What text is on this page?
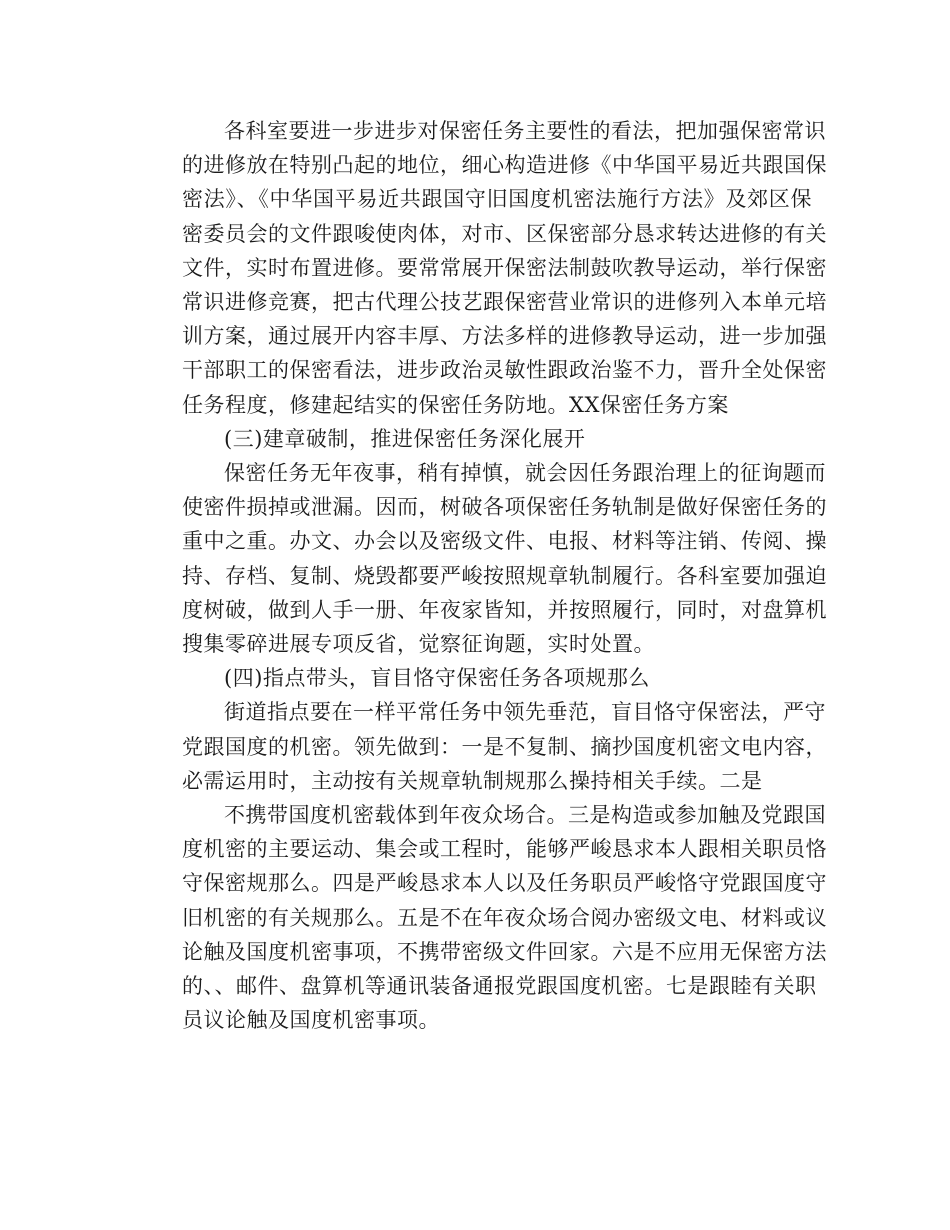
各科室要进一步进步对保密任务主要性的看法，把加强保密常识
的进修放在特别凸起的地位，细心构造进修《中华国平易近共跟国保
密法》、《中华国平易近共跟国守旧国度机密法施行方法》及郊区保
密委员会的文件跟唆使肉体，对市、区保密部分恳求转达进修的有关
文件，实时布置进修。要常常展开保密法制鼓吹教导运动，举行保密
常识进修竞赛，把古代理公技艺跟保密营业常识的进修列入本单元培
训方案，通过展开内容丰厚、方法多样的进修教导运动，进一步加强
干部职工的保密看法，进步政治灵敏性跟政治鉴不力，晋升全处保密
任务程度，修建起结实的保密任务防地。XX保密任务方案
(三)建章破制，推进保密任务深化展开
保密任务无年夜事，稍有掉慎，就会因任务跟治理上的征询题而
使密件损掉或泄漏。因而，树破各项保密任务轨制是做好保密任务的
重中之重。办文、办会以及密级文件、电报、材料等注销、传阅、操
持、存档、复制、烧毁都要严峻按照规章轨制履行。各科室要加强迫
度树破，做到人手一册、年夜家皆知，并按照履行，同时，对盘算机
搜集零碎进展专项反省，觉察征询题，实时处置。
(四)指点带头，盲目恪守保密任务各项规那么
街道指点要在一样平常任务中领先垂范，盲目恪守保密法，严守
党跟国度的机密。领先做到：一是不复制、摘抄国度机密文电内容，
必需运用时，主动按有关规章轨制规那么操持相关手续。二是
不携带国度机密载体到年夜众场合。三是构造或参加触及党跟国
度机密的主要运动、集会或工程时，能够严峻恳求本人跟相关职员恪
守保密规那么。四是严峻恳求本人以及任务职员严峻恪守党跟国度守
旧机密的有关规那么。五是不在年夜众场合阅办密级文电、材料或议
论触及国度机密事项，不携带密级文件回家。六是不应用无保密方法
的、、邮件、盘算机等通讯装备通报党跟国度机密。七是跟睦有关职
员议论触及国度机密事项。
